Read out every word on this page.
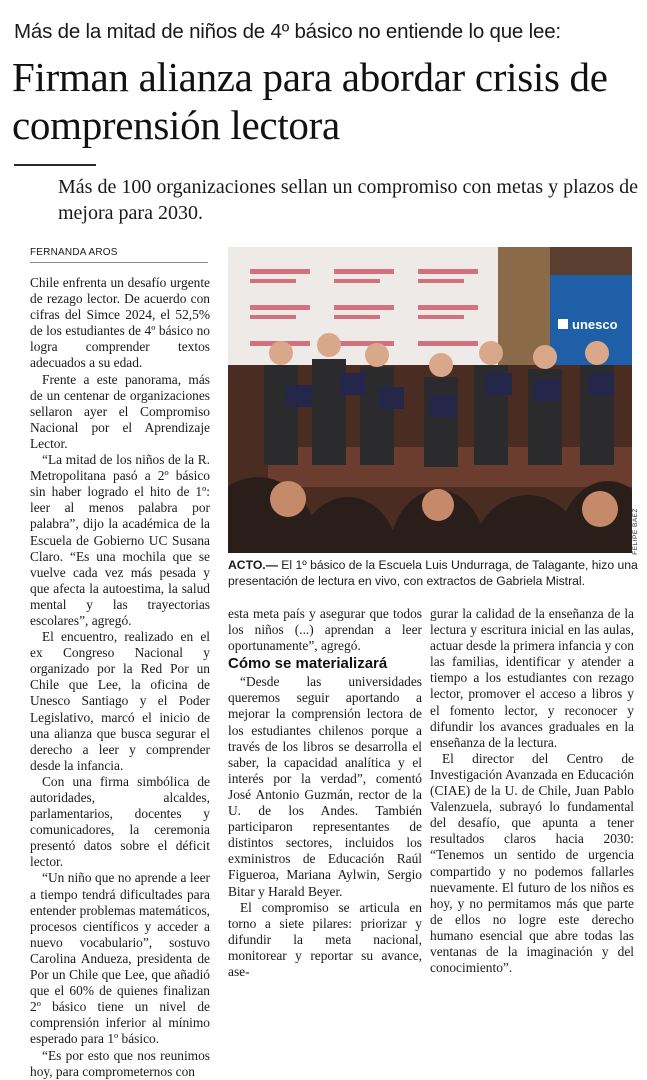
Más de la mitad de niños de 4º básico no entiende lo que lee:
Firman alianza para abordar crisis de comprensión lectora
Más de 100 organizaciones sellan un compromiso con metas y plazos de mejora para 2030.
FERNANDA AROS

Chile enfrenta un desafío urgente de rezago lector. De acuerdo con cifras del Simce 2024, el 52,5% de los estudiantes de 4º básico no logra comprender textos adecuados a su edad.

Frente a este panorama, más de un centenar de organizaciones sellaron ayer el Compromiso Nacional por el Aprendizaje Lector.

“La mitad de los niños de la R. Metropolitana pasó a 2º básico sin haber logrado el hito de 1º: leer al menos palabra por palabra”, dijo la académica de la Escuela de Gobierno UC Susana Claro. “Es una mochila que se vuelve cada vez más pesada y que afecta la autoestima, la salud mental y las trayectorias escolares”, agregó.

El encuentro, realizado en el ex Congreso Nacional y organizado por la Red Por un Chile que Lee, la oficina de Unesco Santiago y el Poder Legislativo, marcó el inicio de una alianza que busca segurar el derecho a leer y comprender desde la infancia.

Con una firma simbólica de autoridades, alcaldes, parlamentarios, docentes y comunicadores, la ceremonia presentó datos sobre el déficit lector.

“Un niño que no aprende a leer a tiempo tendrá dificultades para entender problemas matemáticos, procesos científicos y acceder a nuevo vocabulario”, sostuvo Carolina Andueza, presidenta de Por un Chile que Lee, que añadió que el 60% de quienes finalizan 2º básico tiene un nivel de comprensión inferior al mínimo esperado para 1º básico.

“Es por esto que nos reunimos hoy, para comprometernos con

unesco
FELIPE BÁEZ
ACTO.— El 1º básico de la Escuela Luis Undurraga, de Talagante, hizo una presentación de lectura en vivo, con extractos de Gabriela Mistral.

esta meta país y asegurar que todos los niños (...) aprendan a leer oportunamente”, agregó.

Cómo se materializará

“Desde las universidades queremos seguir aportando a mejorar la comprensión lectora de los estudiantes chilenos porque a través de los libros se desarrolla el saber, la capacidad analítica y el interés por la verdad”, comentó José Antonio Guzmán, rector de la U. de los Andes. También participaron representantes de distintos sectores, incluidos los exministros de Educación Raúl Figueroa, Mariana Aylwin, Sergio Bitar y Harald Beyer.

El compromiso se articula en torno a siete pilares: priorizar y difundir la meta nacional, monitorear y reportar su avance, ase-

gurar la calidad de la enseñanza de la lectura y escritura inicial en las aulas, actuar desde la primera infancia y con las familias, identificar y atender a tiempo a los estudiantes con rezago lector, promover el acceso a libros y el fomento lector, y reconocer y difundir los avances graduales en la enseñanza de la lectura.

El director del Centro de Investigación Avanzada en Educación (CIAE) de la U. de Chile, Juan Pablo Valenzuela, subrayó lo fundamental del desafío, que apunta a tener resultados claros hacia 2030: “Tenemos un sentido de urgencia compartido y no podemos fallarles nuevamente. El futuro de los niños es hoy, y no permitamos más que parte de ellos no logre este derecho humano esencial que abre todas las ventanas de la imaginación y del conocimiento”.
